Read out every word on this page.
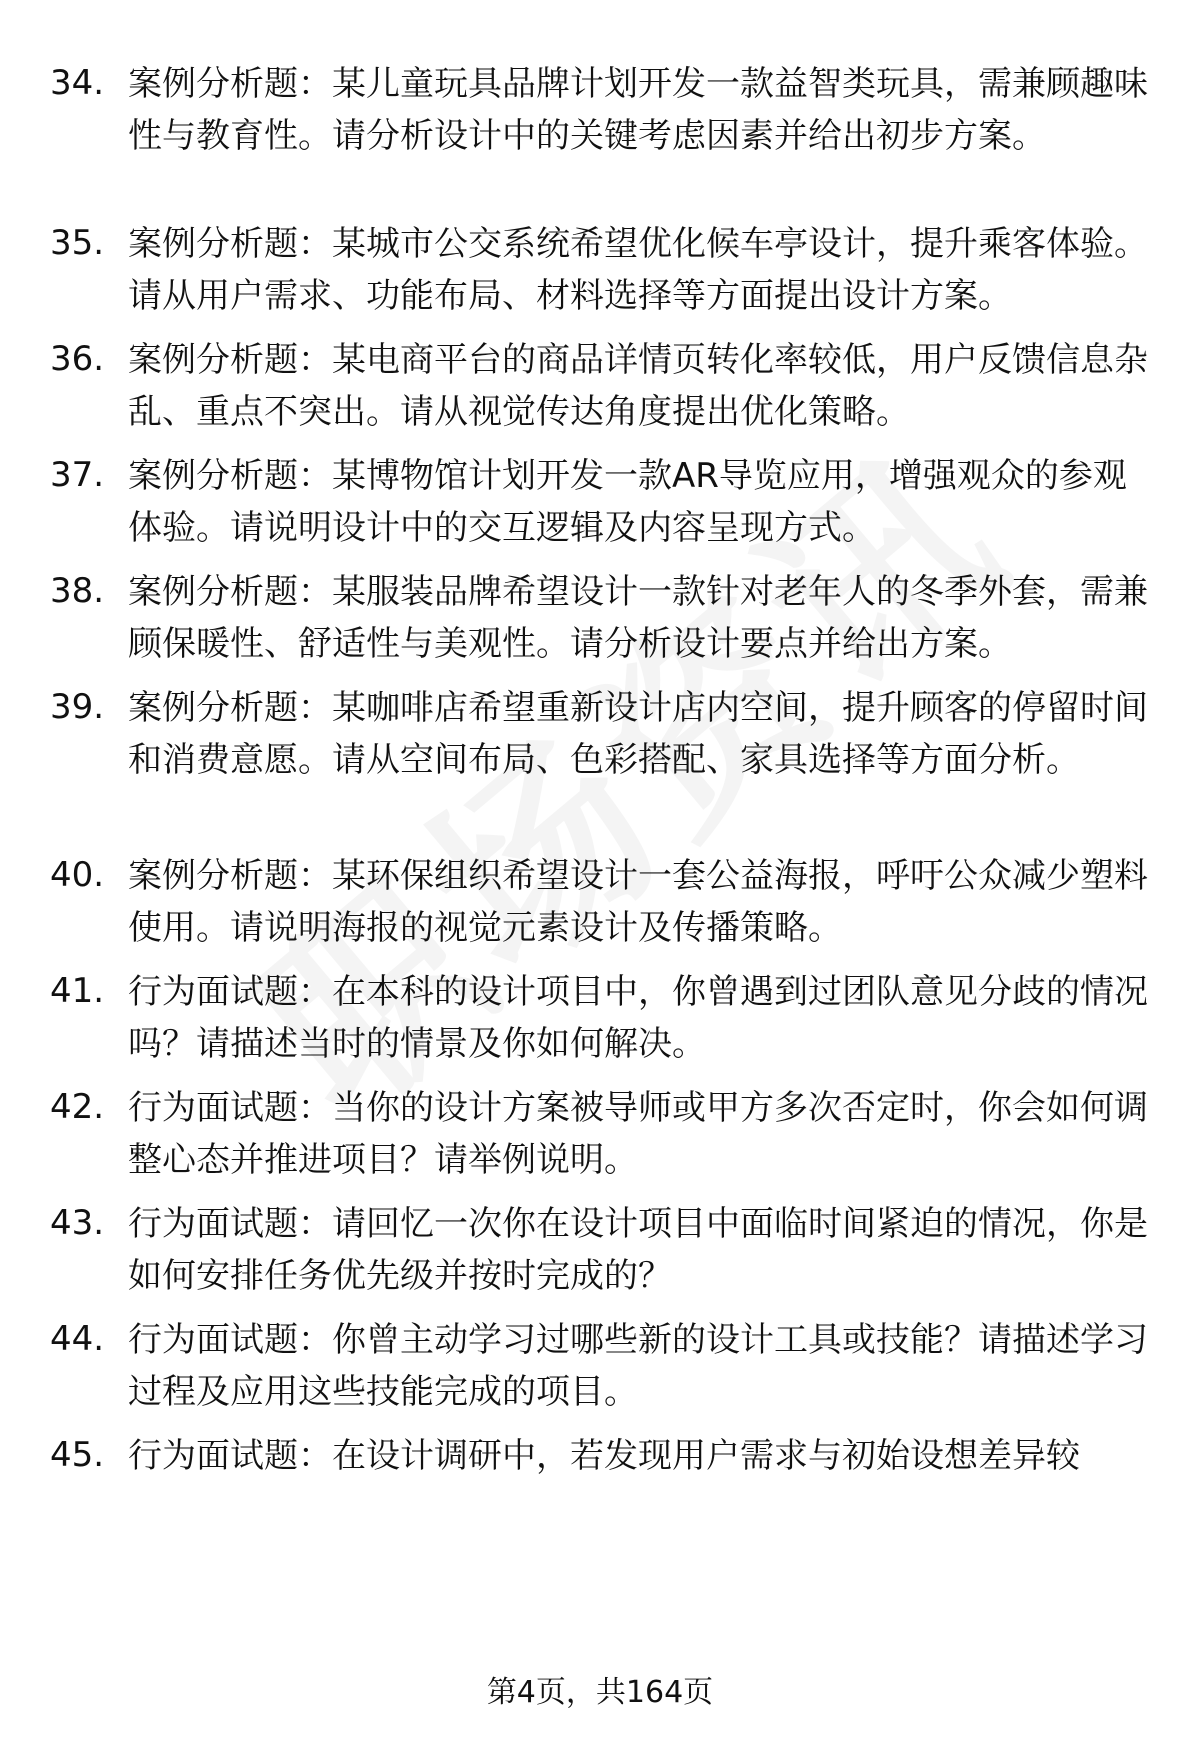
34. 案例分析题：某儿童玩具品牌计划开发一款益智类玩具，需兼顾趣味性与教育性。请分析设计中的关键考虑因素并给出初步方案。
35. 案例分析题：某城市公交系统希望优化候车亭设计，提升乘客体验。请从用户需求、功能布局、材料选择等方面提出设计方案。
36. 案例分析题：某电商平台的商品详情页转化率较低，用户反馈信息杂乱、重点不突出。请从视觉传达角度提出优化策略。
37. 案例分析题：某博物馆计划开发一款AR导览应用，增强观众的参观体验。请说明设计中的交互逻辑及内容呈现方式。
38. 案例分析题：某服装品牌希望设计一款针对老年人的冬季外套，需兼顾保暖性、舒适性与美观性。请分析设计要点并给出方案。
39. 案例分析题：某咖啡店希望重新设计店内空间，提升顾客的停留时间和消费意愿。请从空间布局、色彩搭配、家具选择等方面分析。
40. 案例分析题：某环保组织希望设计一套公益海报，呼吁公众减少塑料使用。请说明海报的视觉元素设计及传播策略。
41. 行为面试题：在本科的设计项目中，你曾遇到过团队意见分歧的情况吗？请描述当时的情景及你如何解决。
42. 行为面试题：当你的设计方案被导师或甲方多次否定时，你会如何调整心态并推进项目？请举例说明。
43. 行为面试题：请回忆一次你在设计项目中面临时间紧迫的情况，你是如何安排任务优先级并按时完成的？
44. 行为面试题：你曾主动学习过哪些新的设计工具或技能？请描述学习过程及应用这些技能完成的项目。
45. 行为面试题：在设计调研中，若发现用户需求与初始设想差异较
第4页，共164页
